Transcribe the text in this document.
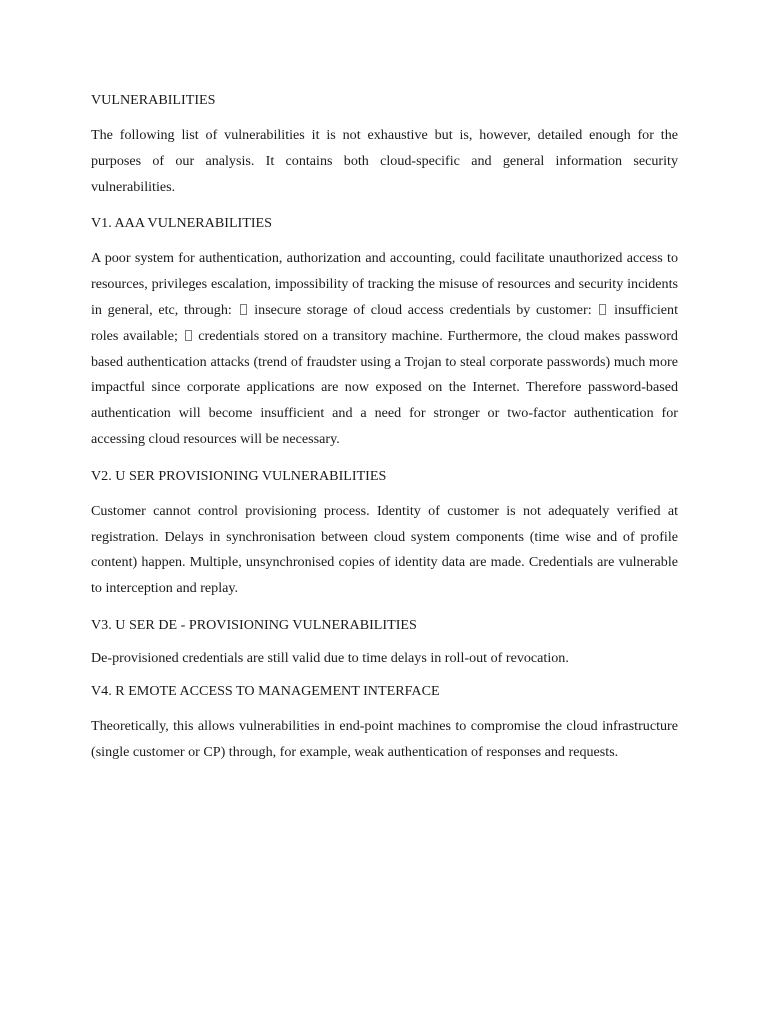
VULNERABILITIES

The following list of vulnerabilities it is not exhaustive but is, however, detailed enough for the purposes of our analysis. It contains both cloud-specific and general information security vulnerabilities.

V1. AAA VULNERABILITIES

A poor system for authentication, authorization and accounting, could facilitate unauthorized access to resources, privileges escalation, impossibility of tracking the misuse of resources and security incidents in general, etc, through: insecure storage of cloud access credentials by customer: insufficient roles available; credentials stored on a transitory machine. Furthermore, the cloud makes password based authentication attacks (trend of fraudster using a Trojan to steal corporate passwords) much more impactful since corporate applications are now exposed on the Internet. Therefore password-based authentication will become insufficient and a need for stronger or two-factor authentication for accessing cloud resources will be necessary.

V2. U SER PROVISIONING VULNERABILITIES

Customer cannot control provisioning process. Identity of customer is not adequately verified at registration. Delays in synchronisation between cloud system components (time wise and of profile content) happen. Multiple, unsynchronised copies of identity data are made. Credentials are vulnerable to interception and replay.

V3. U SER DE - PROVISIONING VULNERABILITIES

De-provisioned credentials are still valid due to time delays in roll-out of revocation.

V4. R EMOTE ACCESS TO MANAGEMENT INTERFACE

Theoretically, this allows vulnerabilities in end-point machines to compromise the cloud infrastructure (single customer or CP) through, for example, weak authentication of responses and requests.
